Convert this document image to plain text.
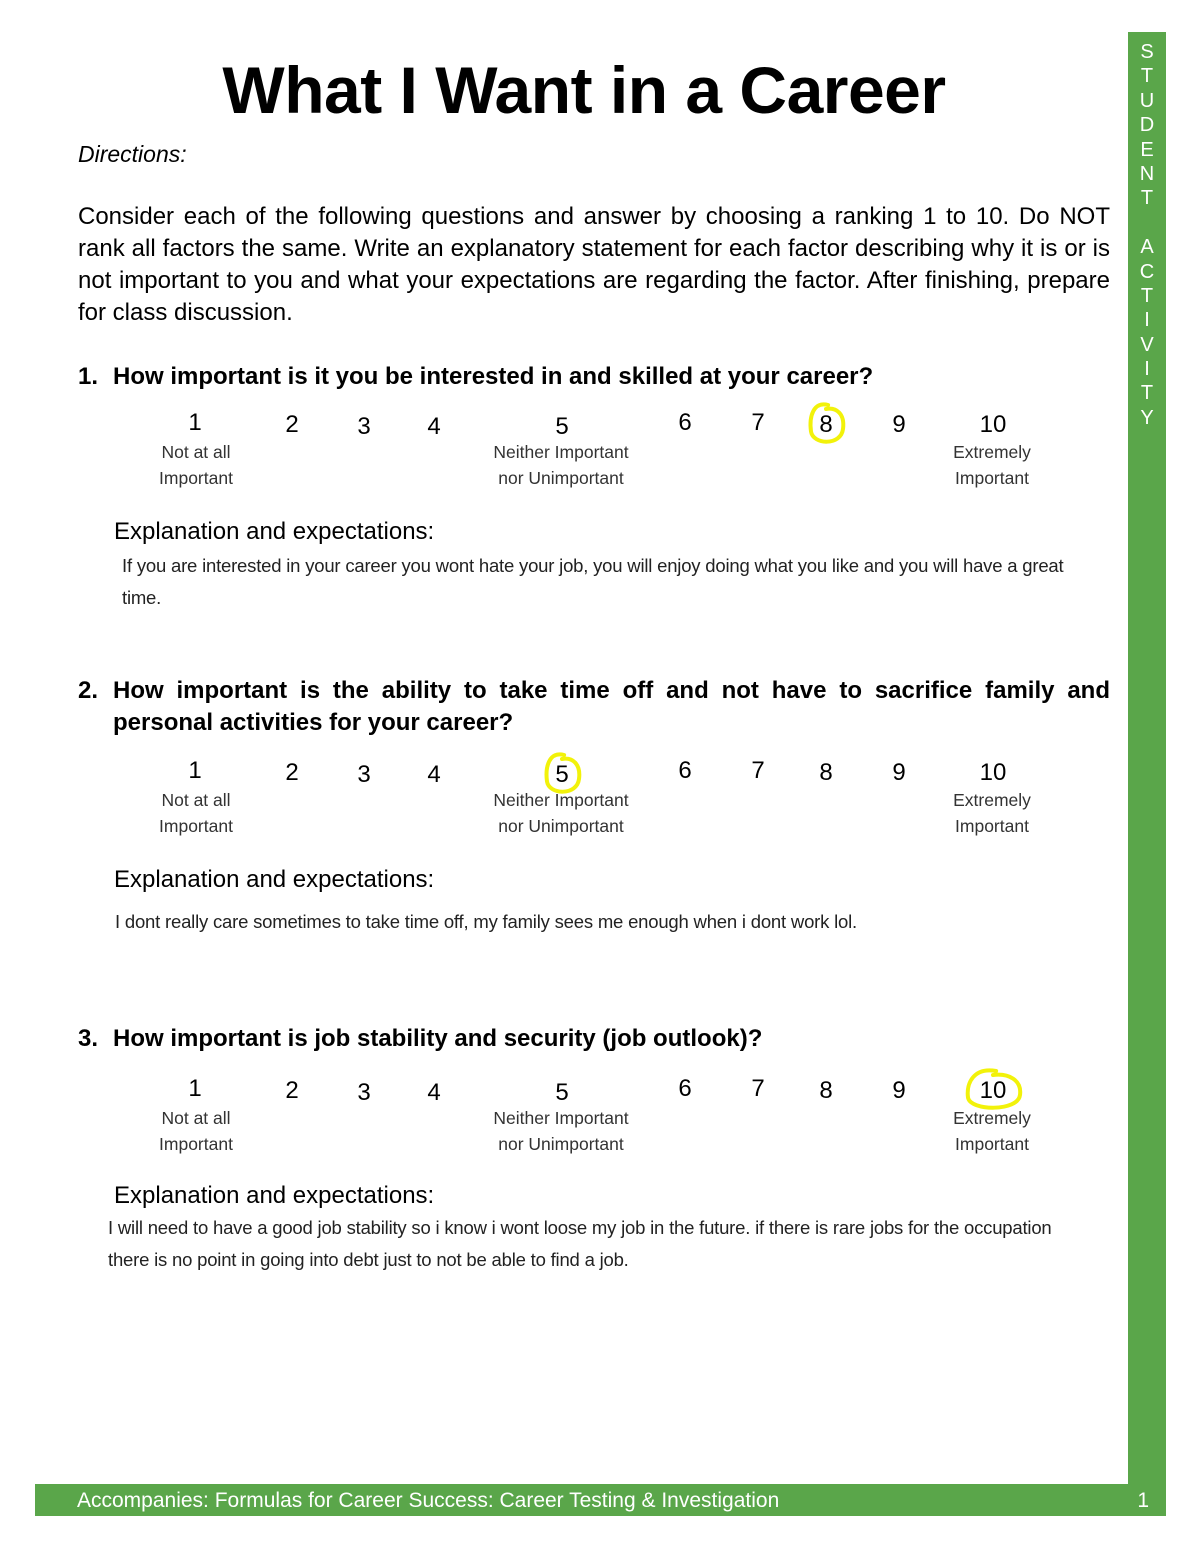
S
T
U
D
E
N
T
A
C
T
I
V
I
T
Y
What I Want in a Career
Directions:
Consider each of the following questions and answer by choosing a ranking 1 to 10. Do NOT rank all factors the same. Write an explanatory statement for each factor describing why it is or is not important to you and what your expectations are regarding the factor. After finishing, prepare for class discussion.
1. How important is it you be interested in and skilled at your career?
1	2 3 4	5	6 7 8 9	10
Not at all
Important
Neither Important
nor Unimportant
Extremely
Important
Explanation and expectations:
If you are interested in your career you wont hate your job, you will enjoy doing what you like and you will have a great time.
2. How important is the ability to take time off and not have to sacrifice family and personal activities for your career?
1	2 3 4	5	6 7 8 9	10
Not at all
Important
Neither Important
nor Unimportant
Extremely
Important
Explanation and expectations:
I dont really care sometimes to take time off, my family sees me enough when i dont work lol.
3. How important is job stability and security (job outlook)?
1	2 3 4	5	6 7 8 9	10
Not at all
Important
Neither Important
nor Unimportant
Extremely
Important
Explanation and expectations:
I will need to have a good job stability so i know i wont loose my job in the future. if there is rare jobs for the occupation there is no point in going into debt just to not be able to find a job.
Accompanies: Formulas for Career Success: Career Testing & Investigation	1
